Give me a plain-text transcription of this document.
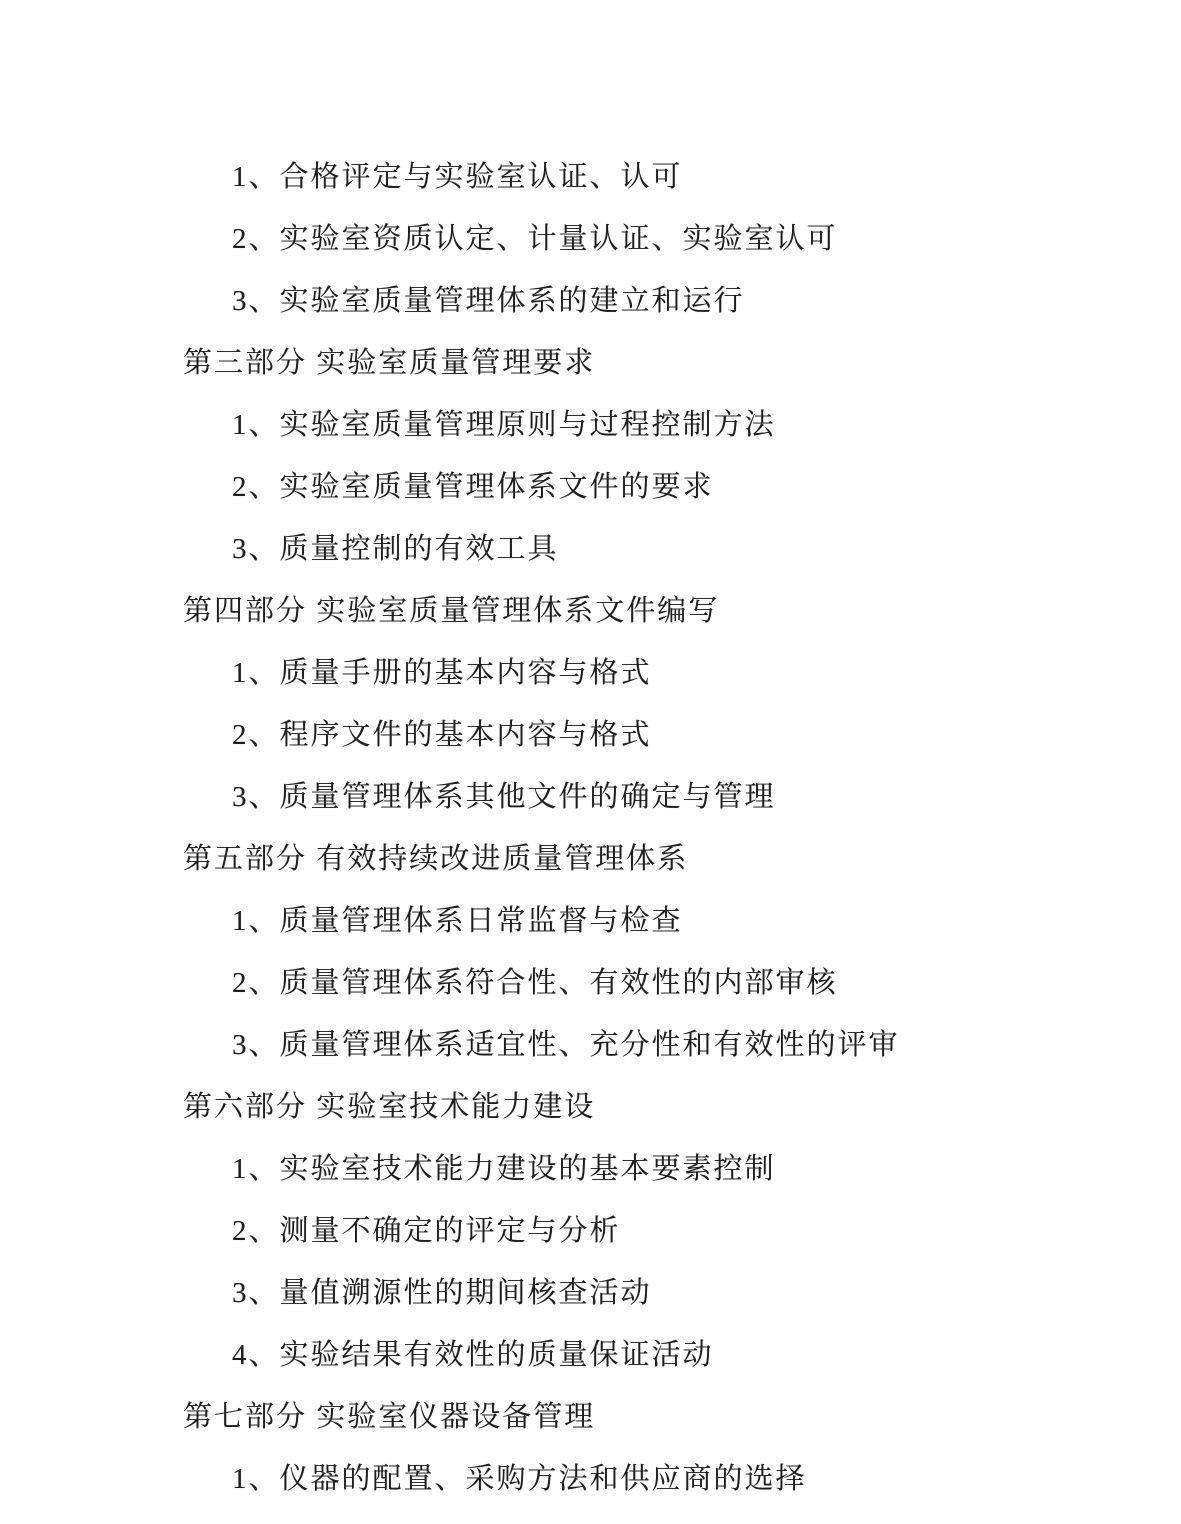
1、合格评定与实验室认证、认可
2、实验室资质认定、计量认证、实验室认可
3、实验室质量管理体系的建立和运行
第三部分 实验室质量管理要求
1、实验室质量管理原则与过程控制方法
2、实验室质量管理体系文件的要求
3、质量控制的有效工具
第四部分 实验室质量管理体系文件编写
1、质量手册的基本内容与格式
2、程序文件的基本内容与格式
3、质量管理体系其他文件的确定与管理
第五部分 有效持续改进质量管理体系
1、质量管理体系日常监督与检查
2、质量管理体系符合性、有效性的内部审核
3、质量管理体系适宜性、充分性和有效性的评审
第六部分 实验室技术能力建设
1、实验室技术能力建设的基本要素控制
2、测量不确定的评定与分析
3、量值溯源性的期间核查活动
4、实验结果有效性的质量保证活动
第七部分 实验室仪器设备管理
1、仪器的配置、采购方法和供应商的选择
